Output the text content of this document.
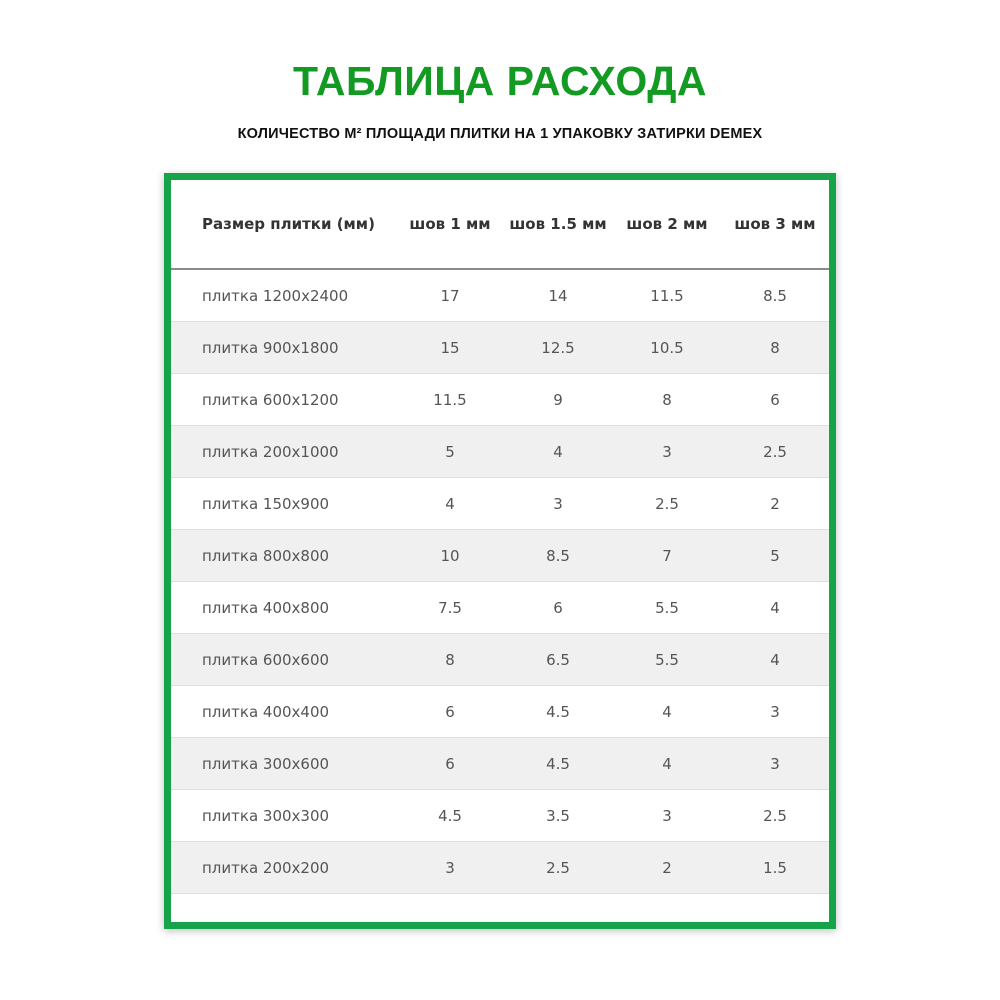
ТАБЛИЦА РАСХОДА

КОЛИЧЕСТВО М² ПЛОЩАДИ ПЛИТКИ НА 1 УПАКОВКУ ЗАТИРКИ DEMEX

Размер плитки (мм)	шов 1 мм	шов 1.5 мм	шов 2 мм	шов 3 мм
плитка 1200x2400	17	14	11.5	8.5
плитка 900x1800	15	12.5	10.5	8
плитка 600x1200	11.5	9	8	6
плитка 200x1000	5	4	3	2.5
плитка 150x900	4	3	2.5	2
плитка 800x800	10	8.5	7	5
плитка 400x800	7.5	6	5.5	4
плитка 600x600	8	6.5	5.5	4
плитка 400x400	6	4.5	4	3
плитка 300x600	6	4.5	4	3
плитка 300x300	4.5	3.5	3	2.5
плитка 200x200	3	2.5	2	1.5
